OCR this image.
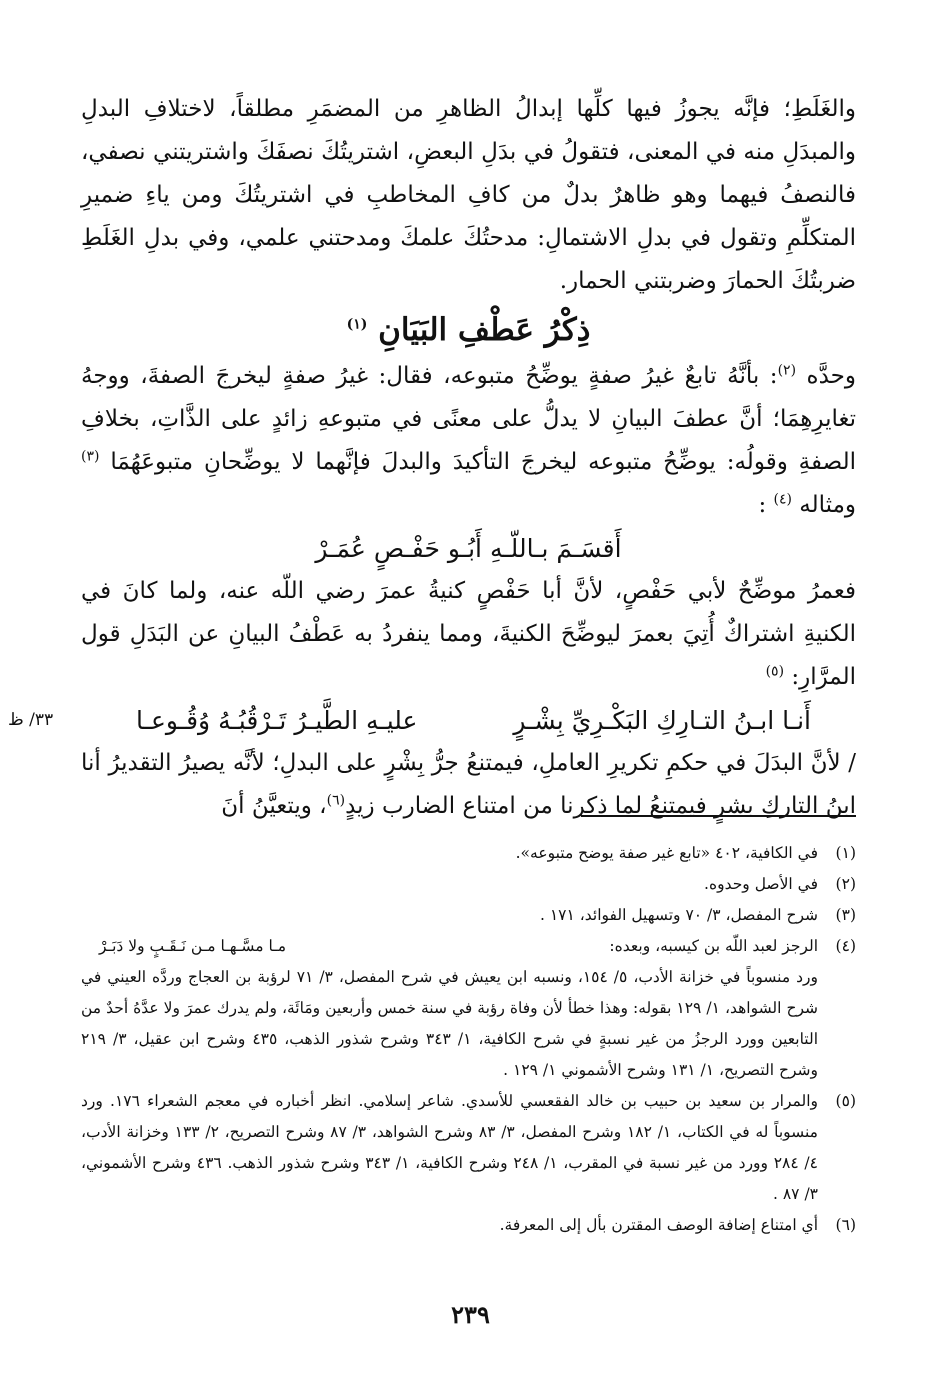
والغَلَطِ؛ فإنَّه يجوزُ فيها كلِّها إبدالُ الظاهرِ من المضمَرِ مطلقاً، لاختلافِ البدلِ والمبدَلِ منه في المعنى، فتقولُ في بدَلِ البعضِ، اشتريتُكَ نصفَكَ واشتريتني نصفي، فالنصفُ فيهما وهو ظاهرٌ بدلٌ من كافِ المخاطبِ في اشتريتُكَ ومن ياءِ ضميرِ المتكلِّمِ وتقول في بدلِ الاشتمالِ: مدحتُكَ علمكَ ومدحتني علمي، وفي بدلِ الغَلَطِ ضربتُكَ الحمارَ وضربتني الحمار.

ذِكْرُ عَطْفِ البَيَانِ $^{(١)}$

وحدَّه $^{(٢)}$: بأنَّهُ تابعٌ غيرُ صفةٍ يوضِّحُ متبوعه، فقال: غيرُ صفةٍ ليخرجَ الصفةَ، ووجهُ تغايرِهِمَا؛ أنَّ عطفَ البيانِ لا يدلُّ على معنًى في متبوعهِ زائدٍ على الذَّاتِ، بخلافِ الصفةِ وقولُه: يوضِّحُ متبوعه ليخرجَ التأكيدَ والبدلَ فإنَّهما لا يوضِّحانِ متبوعَهُمَا $^{(٣)}$ ومثاله $^{(٤)}$ :

أَقسَـمَ بـاللّـهِ أَبُـو حَفْـصٍ عُمَـرْ

فعمرُ موضِّحٌ لأبي حَفْصٍ، لأنَّ أبا حَفْصٍ كنيةُ عمرَ رضي اللّه عنه، ولما كانَ في الكنيةِ اشتراكٌ أُتِيَ بعمرَ ليوضِّحَ الكنيةَ، ومما ينفردُ به عَطْفُ البيانِ عن البَدَلِ قول المرَّارِ: $^{(٥)}$

أَنـا ابـنُ التـارِكِ البَكْـرِيِّ بِشْـرٍ
عليـهِ الطَّيـرُ تَـرْقُبُـهُ وُقُـوعـا

/ لأنَّ البدَلَ في حكمِ تكريرِ العاملِ، فيمتنعُ جرُّ بِشْرٍ على البدلِ؛ لأنَّه يصيرُ التقديرُ أنا ابنُ التاركِ بشرٍ فيمتنعُ لما ذكرنا من امتناع الضارب زيدٍ$^{(٦)}$، ويتعيَّنُ أنَ

٣٣/ ظ
(١)
في الكافية، ٤٠٢ «تابع غير صفة يوضح متبوعه».
(٢)
في الأصل وحدوه.
(٣)
شرح المفصل، ٣/ ٧٠ وتسهيل الفوائد، ١٧١ .
(٤)
الرجز لعبد اللّه بن كيسبه، وبعده:
مـا مسَّـهـا مـن نَـقَـبٍ ولا دَبَـرْ
ورد منسوباً في خزانة الأدب، ٥/ ١٥٤، ونسبه ابن يعيش في شرح المفصل، ٣/ ٧١ لرؤبة بن العجاج وردَّه العيني في شرح الشواهد، ١/ ١٢٩ بقوله: وهذا خطأ لأن وفاة رؤبة في سنة خمس وأربعين ومَائَة، ولم يدرك عمرَ ولا عدَّهُ أحدٌ من التابعين وورد الرجزُ من غير نسبةٍ في شرح الكافية، ١/ ٣٤٣ وشرح شذور الذهب، ٤٣٥ وشرح ابن عقيل، ٣/ ٢١٩ وشرح التصريح، ١/ ١٣١ وشرح الأشموني ١/ ١٢٩ .
(٥)
والمرار بن سعيد بن حبيب بن خالد الفقعسي للأسدي. شاعر إسلامي. انظر أخباره في معجم الشعراء ١٧٦. ورد منسوباً له في الكتاب، ١/ ١٨٢ وشرح المفصل، ٣/ ٨٣ وشرح الشواهد، ٣/ ٨٧ وشرح التصريح، ٢/ ١٣٣ وخزانة الأدب، ٤/ ٢٨٤ وورد من غير نسبة في المقرب، ١/ ٢٤٨ وشرح الكافية، ١/ ٣٤٣ وشرح شذور الذهب. ٤٣٦ وشرح الأشموني، ٣/ ٨٧ .
(٦)
أي امتناع إضافة الوصف المقترن بأل إلى المعرفة.
٢٣٩
